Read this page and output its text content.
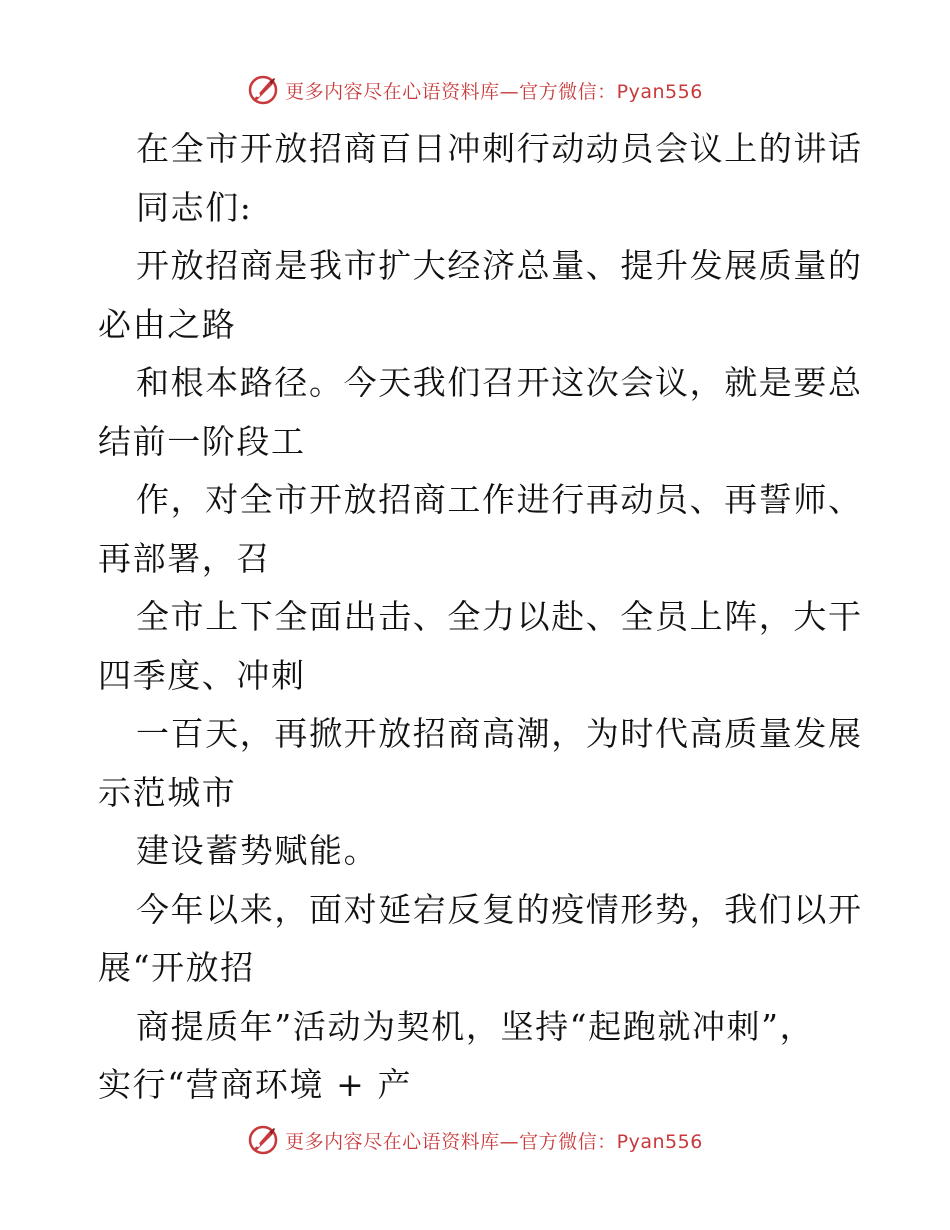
更多内容尽在心语资料库—官方微信：Pyan556
在全市开放招商百日冲刺行动动员会议上的讲话
同志们:
开放招商是我市扩大经济总量、提升发展质量的
必由之路
和根本路径。今天我们召开这次会议，就是要总
结前一阶段工
作，对全市开放招商工作进行再动员、再誓师、
再部署，召
全市上下全面出击、全力以赴、全员上阵，大干
四季度、冲刺
一百天，再掀开放招商高潮，为时代高质量发展
示范城市
建设蓄势赋能。
今年以来，面对延宕反复的疫情形势，我们以开
展“开放招
商提质年”活动为契机，坚持“起跑就冲刺”，
实行“营商环境 + 产
更多内容尽在心语资料库—官方微信：Pyan556
